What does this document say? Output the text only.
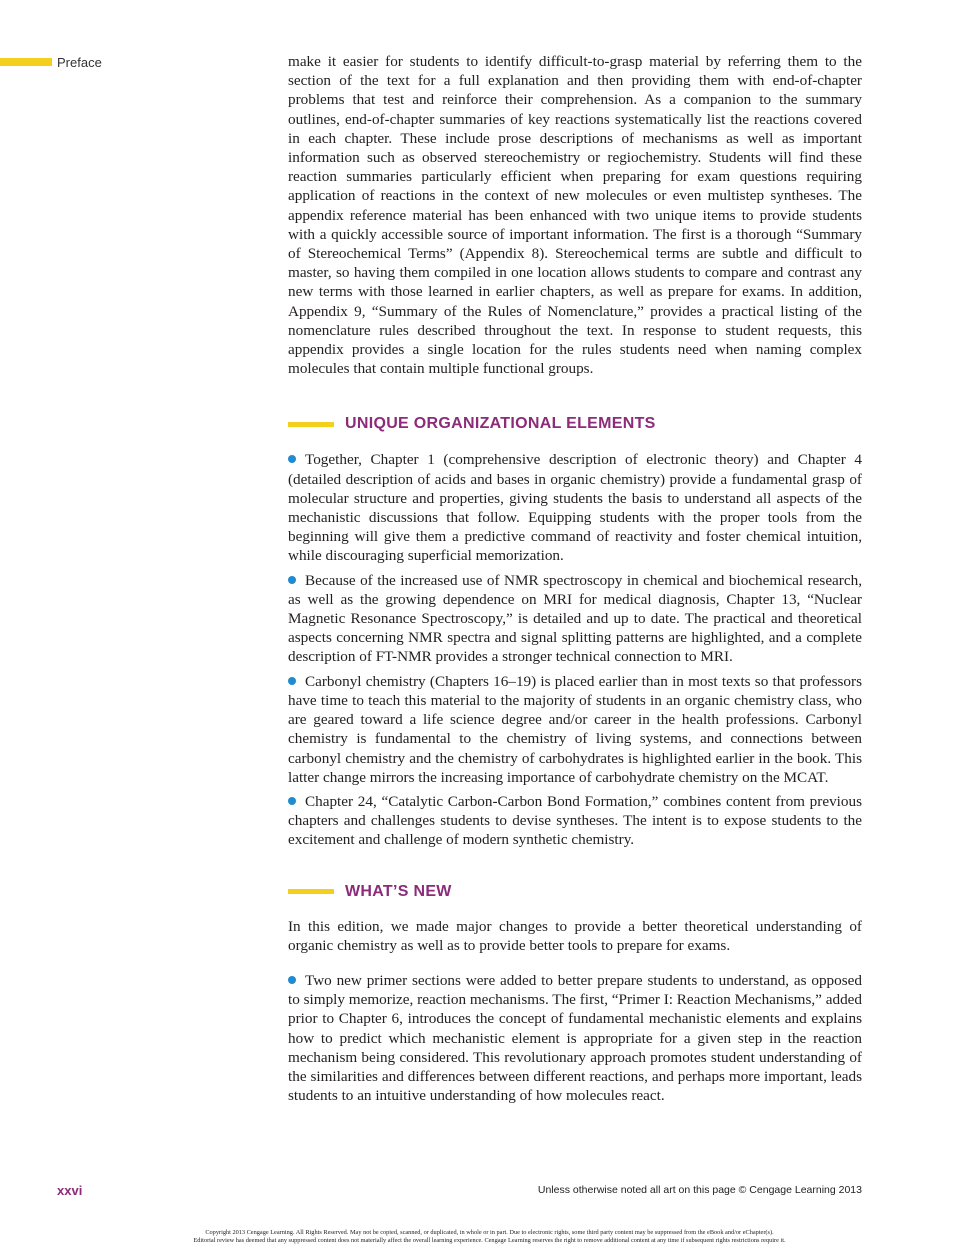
Preface	make it easier for students to identify difficult-to-grasp material by referring them to the section of the text for a full explanation and then providing them with end-of-chapter problems that test and reinforce their comprehension. As a companion to the summary outlines, end-of-chapter summaries of key reactions systematically list the reactions covered in each chapter. These include prose descriptions of mechanisms as well as important information such as observed stereochemistry or regiochemistry. Students will find these reaction summaries particularly efficient when preparing for exam questions requiring application of reactions in the context of new molecules or even multistep syntheses. The appendix reference material has been enhanced with two unique items to provide students with a quickly accessible source of important information. The first is a thorough “Summary of Stereochemical Terms” (Appendix 8). Stereochemical terms are subtle and difficult to master, so having them compiled in one location allows students to compare and contrast any new terms with those learned in earlier chapters, as well as prepare for exams. In addition, Appendix 9, “Summary of the Rules of Nomenclature,” provides a practical listing of the nomenclature rules described throughout the text. In response to student requests, this appendix provides a single location for the rules students need when naming complex molecules that contain multiple functional groups.

UNIQUE ORGANIZATIONAL ELEMENTS

Together, Chapter 1 (comprehensive description of electronic theory) and Chapter 4 (detailed description of acids and bases in organic chemistry) provide a fundamental grasp of molecular structure and properties, giving students the basis to understand all aspects of the mechanistic discussions that follow. Equipping students with the proper tools from the beginning will give them a predictive command of reactivity and foster chemical intuition, while discouraging superficial memorization.

Because of the increased use of NMR spectroscopy in chemical and biochemical research, as well as the growing dependence on MRI for medical diagnosis, Chapter 13, “Nuclear Magnetic Resonance Spectroscopy,” is detailed and up to date. The practical and theoretical aspects concerning NMR spectra and signal splitting patterns are highlighted, and a complete description of FT-NMR provides a stronger technical connection to MRI.

Carbonyl chemistry (Chapters 16–19) is placed earlier than in most texts so that professors have time to teach this material to the majority of students in an organic chemistry class, who are geared toward a life science degree and/or career in the health professions. Carbonyl chemistry is fundamental to the chemistry of living systems, and connections between carbonyl chemistry and the chemistry of carbohydrates is highlighted earlier in the book. This latter change mirrors the increasing importance of carbohydrate chemistry on the MCAT.

Chapter 24, “Catalytic Carbon-Carbon Bond Formation,” combines content from previous chapters and challenges students to devise syntheses. The intent is to expose students to the excitement and challenge of modern synthetic chemistry.

WHAT’S NEW

In this edition, we made major changes to provide a better theoretical understanding of organic chemistry as well as to provide better tools to prepare for exams.

Two new primer sections were added to better prepare students to understand, as opposed to simply memorize, reaction mechanisms. The first, “Primer I: Reaction Mechanisms,” added prior to Chapter 6, introduces the concept of fundamental mechanistic elements and explains how to predict which mechanistic element is appropriate for a given step in the reaction mechanism being considered. This revolutionary approach promotes student understanding of the similarities and differences between different reactions, and perhaps more important, leads students to an intuitive understanding of how molecules react.

xxvi	Unless otherwise noted all art on this page © Cengage Learning 2013
Copyright 2013 Cengage Learning. All Rights Reserved. May not be copied, scanned, or duplicated, in whole or in part. Due to electronic rights, some third party content may be suppressed from the eBook and/or eChapter(s).
Editorial review has deemed that any suppressed content does not materially affect the overall learning experience. Cengage Learning reserves the right to remove additional content at any time if subsequent rights restrictions require it.
